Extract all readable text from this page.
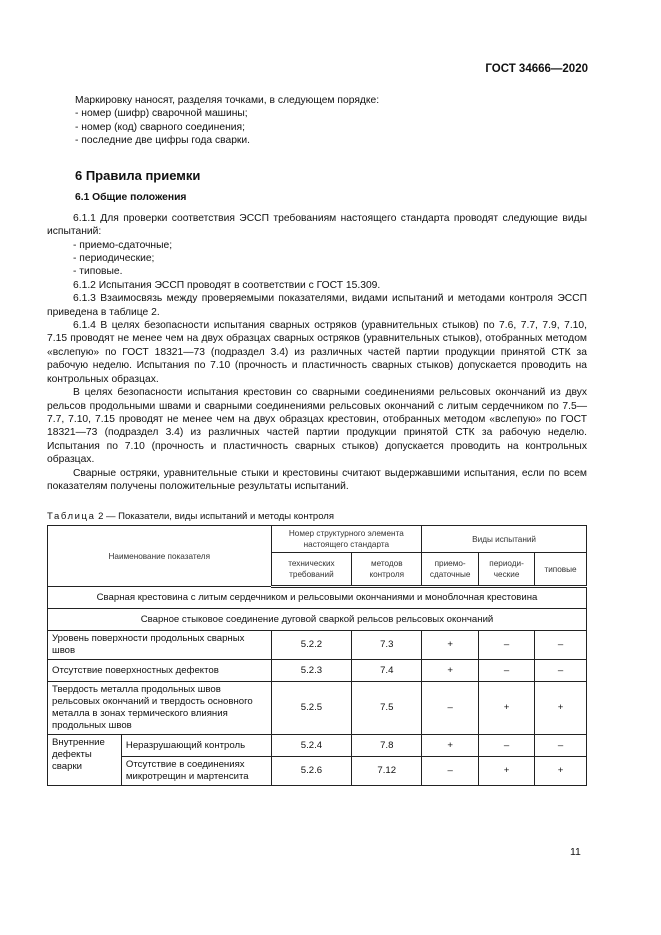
ГОСТ 34666—2020

Маркировку наносят, разделяя точками, в следующем порядке:

- номер (шифр) сварочной машины;

- номер (код) сварного соединения;

- последние две цифры года сварки.

6 Правила приемки

6.1 Общие положения

6.1.1 Для проверки соответствия ЭССП требованиям настоящего стандарта проводят следующие виды испытаний:

- приемо-сдаточные;

- периодические;

- типовые.

6.1.2 Испытания ЭССП проводят в соответствии с ГОСТ 15.309.

6.1.3 Взаимосвязь между проверяемыми показателями, видами испытаний и методами контроля ЭССП приведена в таблице 2.

6.1.4 В целях безопасности испытания сварных остряков (уравнительных стыков) по 7.6, 7.7, 7.9, 7.10, 7.15 проводят не менее чем на двух образцах сварных остряков (уравнительных стыков), отобранных методом «вслепую» по ГОСТ 18321—73 (подраздел 3.4) из различных частей партии продукции принятой СТК за рабочую неделю. Испытания по 7.10 (прочность и пластичность сварных стыков) допускается проводить на контрольных образцах.

В целях безопасности испытания крестовин со сварными соединениями рельсовых окончаний из двух рельсов продольными швами и сварными соединениями рельсовых окончаний с литым сердечником по 7.5—7.7, 7.10, 7.15 проводят не менее чем на двух образцах крестовин, отобранных методом «вслепую» по ГОСТ 18321—73 (подраздел 3.4) из различных частей партии продукции принятой СТК за рабочую неделю. Испытания по 7.10 (прочность и пластичность сварных стыков) допускается проводить на контрольных образцах.

Сварные остряки, уравнительные стыки и крестовины считают выдержавшими испытания, если по всем показателям получены положительные результаты испытаний.

Таблица 2 — Показатели, виды испытаний и методы контроля
Наименование показателя		Номер структурного элемента настоящего стандарта		Виды испытаний		
		технических требований	методов контроля	приемо-сдаточные	периоди-ческие	типовые
Сварная крестовина с литым сердечником и рельсовыми окончаниями и моноблочная крестовина						
Сварное стыковое соединение дуговой сваркой рельсов рельсовых окончаний						
Уровень поверхности продольных сварных швов		5.2.2	7.3	+	–	–
Отсутствие поверхностных дефектов		5.2.3	7.4	+	–	–
Твердость металла продольных швов рельсовых окончаний и твердость основного металла в зонах термического влияния продольных швов		5.2.5	7.5	–	+	+
Внутренние дефекты сварки	Неразрушающий контроль	5.2.4	7.8	+	–	–
	Отсутствие в соединениях микротрещин и мартенсита	5.2.6	7.12	–	+	+
11
